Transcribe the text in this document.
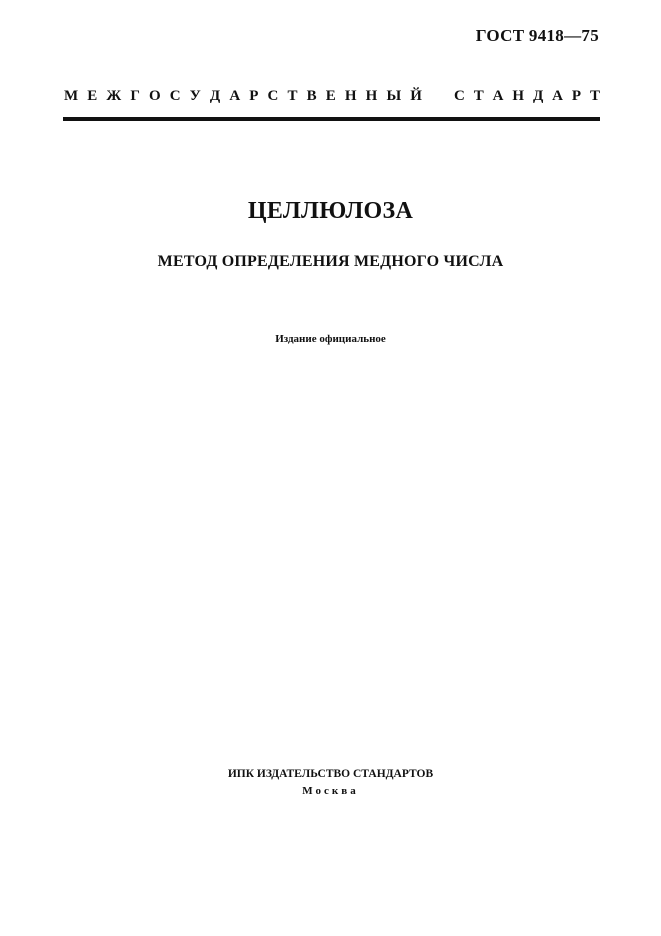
ГОСТ 9418—75
М Е Ж Г О С У Д А Р С Т В Е Н Н Ы Й С Т А Н Д А Р Т
ЦЕЛЛЮЛОЗА
МЕТОД ОПРЕДЕЛЕНИЯ МЕДНОГО ЧИСЛА
Издание официальное
ИПК ИЗДАТЕЛЬСТВО СТАНДАРТОВ
Москва
